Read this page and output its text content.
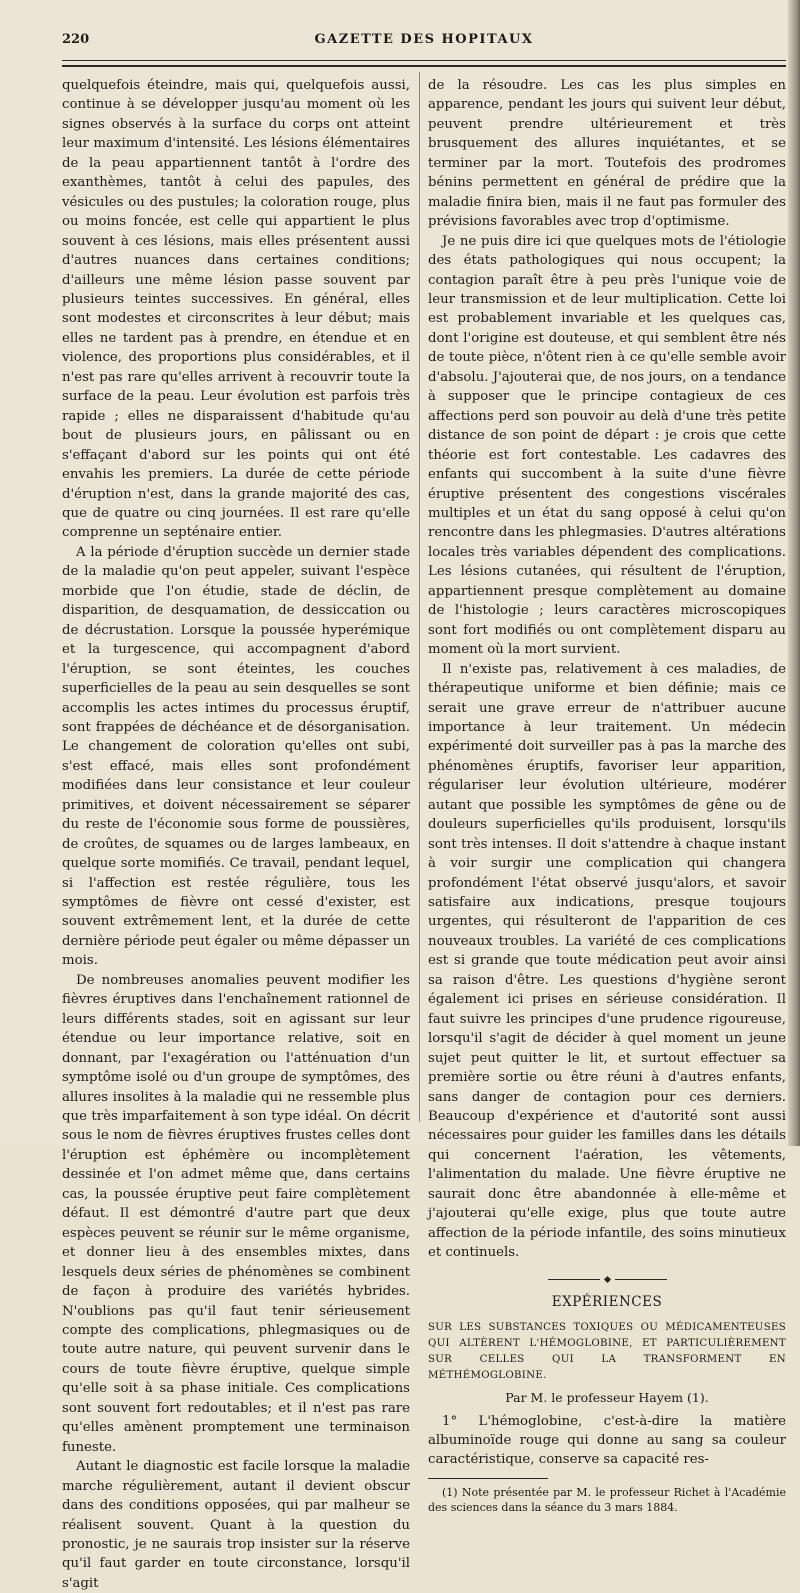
220	GAZETTE DES HOPITAUX

quelquefois éteindre, mais qui, quelquefois aussi, continue à se développer jusqu'au moment où les signes observés à la surface du corps ont atteint leur maximum d'intensité. Les lésions élémentaires de la peau appartiennent tantôt à l'ordre des exanthèmes, tantôt à celui des papules, des vésicules ou des pustules; la coloration rouge, plus ou moins foncée, est celle qui appartient le plus souvent à ces lésions, mais elles présentent aussi d'autres nuances dans certaines conditions; d'ailleurs une même lésion passe souvent par plusieurs teintes successives. En général, elles sont modestes et circonscrites à leur début; mais elles ne tardent pas à prendre, en étendue et en violence, des proportions plus considérables, et il n'est pas rare qu'elles arrivent à recouvrir toute la surface de la peau. Leur évolution est parfois très rapide ; elles ne disparaissent d'habitude qu'au bout de plusieurs jours, en pâlissant ou en s'effaçant d'abord sur les points qui ont été envahis les premiers. La durée de cette période d'éruption n'est, dans la grande majorité des cas, que de quatre ou cinq journées. Il est rare qu'elle comprenne un septénaire entier.

A la période d'éruption succède un dernier stade de la maladie qu'on peut appeler, suivant l'espèce morbide que l'on étudie, stade de déclin, de disparition, de desquamation, de dessiccation ou de décrustation. Lorsque la poussée hyperémique et la turgescence, qui accompagnent d'abord l'éruption, se sont éteintes, les couches superficielles de la peau au sein desquelles se sont accomplis les actes intimes du processus éruptif, sont frappées de déchéance et de désorganisation. Le changement de coloration qu'elles ont subi, s'est effacé, mais elles sont profondément modifiées dans leur consistance et leur couleur primitives, et doivent nécessairement se séparer du reste de l'économie sous forme de poussières, de croûtes, de squames ou de larges lambeaux, en quelque sorte momifiés. Ce travail, pendant lequel, si l'affection est restée régulière, tous les symptômes de fièvre ont cessé d'exister, est souvent extrêmement lent, et la durée de cette dernière période peut égaler ou même dépasser un mois.

De nombreuses anomalies peuvent modifier les fièvres éruptives dans l'enchaînement rationnel de leurs différents stades, soit en agissant sur leur étendue ou leur importance relative, soit en donnant, par l'exagération ou l'atténuation d'un symptôme isolé ou d'un groupe de symptômes, des allures insolites à la maladie qui ne ressemble plus que très imparfaitement à son type idéal. On décrit sous le nom de fièvres éruptives frustes celles dont l'éruption est éphémère ou incomplètement dessinée et l'on admet même que, dans certains cas, la poussée éruptive peut faire complètement défaut. Il est démontré d'autre part que deux espèces peuvent se réunir sur le même organisme, et donner lieu à des ensembles mixtes, dans lesquels deux séries de phénomènes se combinent de façon à produire des variétés hybrides. N'oublions pas qu'il faut tenir sérieusement compte des complications, phlegmasiques ou de toute autre nature, qui peuvent survenir dans le cours de toute fièvre éruptive, quelque simple qu'elle soit à sa phase initiale. Ces complications sont souvent fort redoutables; et il n'est pas rare qu'elles amènent promptement une terminaison funeste.

Autant le diagnostic est facile lorsque la maladie marche régulièrement, autant il devient obscur dans des conditions opposées, qui par malheur se réalisent souvent. Quant à la question du pronostic, je ne saurais trop insister sur la réserve qu'il faut garder en toute circonstance, lorsqu'il s'agit

de la résoudre. Les cas les plus simples en apparence, pendant les jours qui suivent leur début, peuvent prendre ultérieurement et très brusquement des allures inquiétantes, et se terminer par la mort. Toutefois des prodromes bénins permettent en général de prédire que la maladie finira bien, mais il ne faut pas formuler des prévisions favorables avec trop d'optimisme.

Je ne puis dire ici que quelques mots de l'étiologie des états pathologiques qui nous occupent; la contagion paraît être à peu près l'unique voie de leur transmission et de leur multiplication. Cette loi est probablement invariable et les quelques cas, dont l'origine est douteuse, et qui semblent être nés de toute pièce, n'ôtent rien à ce qu'elle semble avoir d'absolu. J'ajouterai que, de nos jours, on a tendance à supposer que le principe contagieux de ces affections perd son pouvoir au delà d'une très petite distance de son point de départ : je crois que cette théorie est fort contestable. Les cadavres des enfants qui succombent à la suite d'une fièvre éruptive présentent des congestions viscérales multiples et un état du sang opposé à celui qu'on rencontre dans les phlegmasies. D'autres altérations locales très variables dépendent des complications. Les lésions cutanées, qui résultent de l'éruption, appartiennent presque complètement au domaine de l'histologie ; leurs caractères microscopiques sont fort modifiés ou ont complètement disparu au moment où la mort survient.

Il n'existe pas, relativement à ces maladies, de thérapeutique uniforme et bien définie; mais ce serait une grave erreur de n'attribuer aucune importance à leur traitement. Un médecin expérimenté doit surveiller pas à pas la marche des phénomènes éruptifs, favoriser leur apparition, régulariser leur évolution ultérieure, modérer autant que possible les symptômes de gêne ou de douleurs superficielles qu'ils produisent, lorsqu'ils sont très intenses. Il doit s'attendre à chaque instant à voir surgir une complication qui changera profondément l'état observé jusqu'alors, et savoir satisfaire aux indications, presque toujours urgentes, qui résulteront de l'apparition de ces nouveaux troubles. La variété de ces complications est si grande que toute médication peut avoir ainsi sa raison d'être. Les questions d'hygiène seront également ici prises en sérieuse considération. Il faut suivre les principes d'une prudence rigoureuse, lorsqu'il s'agit de décider à quel moment un jeune sujet peut quitter le lit, et surtout effectuer sa première sortie ou être réuni à d'autres enfants, sans danger de contagion pour ces derniers. Beaucoup d'expérience et d'autorité sont aussi nécessaires pour guider les familles dans les détails qui concernent l'aération, les vêtements, l'alimentation du malade. Une fièvre éruptive ne saurait donc être abandonnée à elle-même et j'ajouterai qu'elle exige, plus que toute autre affection de la période infantile, des soins minutieux et continuels.

EXPÉRIENCES
SUR LES SUBSTANCES TOXIQUES OU MÉDICAMENTEUSES QUI ALTÈRENT L'HÉMOGLOBINE, ET PARTICULIÈREMENT SUR CELLES QUI LA TRANSFORMENT EN MÉTHÉMOGLOBINE.
Par M. le professeur Hayem (1).

1° L'hémoglobine, c'est-à-dire la matière albuminoïde rouge qui donne au sang sa couleur caractéristique, conserve sa capacité res-

(1) Note présentée par M. le professeur Richet à l'Académie des sciences dans la séance du 3 mars 1884.
